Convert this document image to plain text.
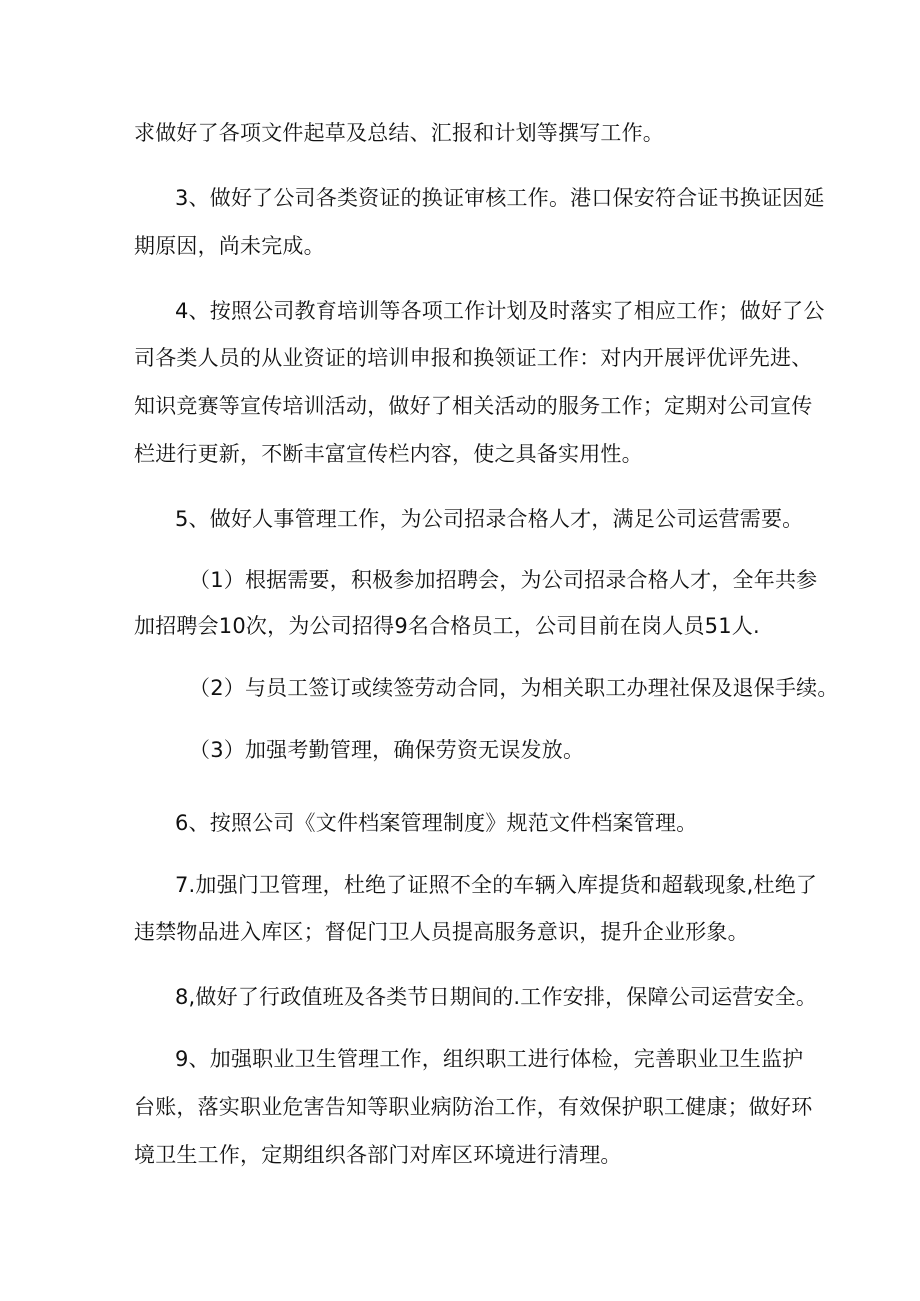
求做好了各项文件起草及总结、汇报和计划等撰写工作。
3、做好了公司各类资证的换证审核工作。港口保安符合证书换证因延
期原因，尚未完成。
4、按照公司教育培训等各项工作计划及时落实了相应工作；做好了公
司各类人员的从业资证的培训申报和换领证工作：对内开展评优评先进、
知识竞赛等宣传培训活动，做好了相关活动的服务工作；定期对公司宣传
栏进行更新，不断丰富宣传栏内容，使之具备实用性。
5、做好人事管理工作，为公司招录合格人才，满足公司运营需要。
（1）根据需要，积极参加招聘会，为公司招录合格人才，全年共参
加招聘会10次，为公司招得9名合格员工，公司目前在岗人员51人.
（2）与员工签订或续签劳动合同，为相关职工办理社保及退保手续。
（3）加强考勤管理，确保劳资无误发放。
6、按照公司《文件档案管理制度》规范文件档案管理。
7.加强门卫管理，杜绝了证照不全的车辆入库提货和超载现象,杜绝了
违禁物品进入库区；督促门卫人员提高服务意识，提升企业形象。
8,做好了行政值班及各类节日期间的.工作安排，保障公司运营安全。
9、加强职业卫生管理工作，组织职工进行体检，完善职业卫生监护
台账，落实职业危害告知等职业病防治工作，有效保护职工健康；做好环
境卫生工作，定期组织各部门对库区环境进行清理。
